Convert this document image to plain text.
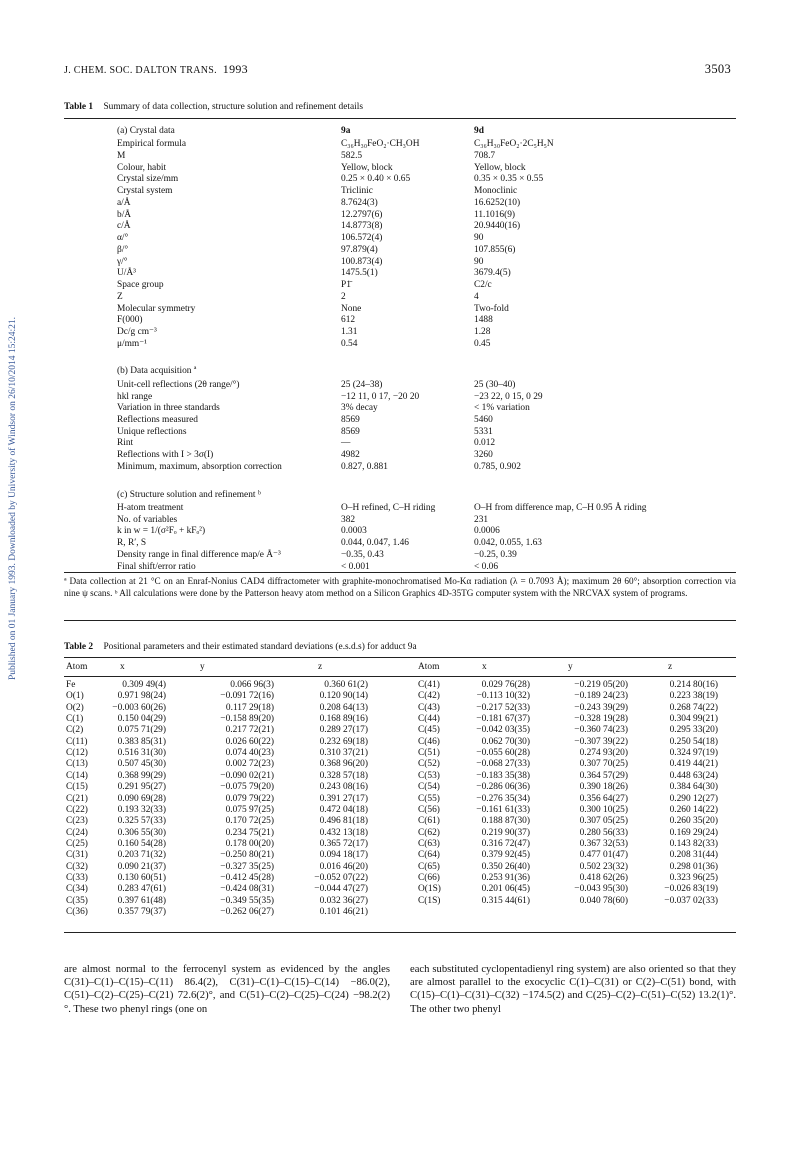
J. CHEM. SOC. DALTON TRANS. 1993	3503
Published on 01 January 1993. Downloaded by University of Windsor on 26/10/2014 15:24:21.
Table 1 Summary of data collection, structure solution and refinement details
(a) Crystal data	9a	9d
Empirical formula	C₃₆H₃₀FeO₂·CH₃OH	C₃₆H₃₀FeO₂·2C₅H₅N
M	582.5	708.7
Colour, habit	Yellow, block	Yellow, block
Crystal size/mm	0.25 × 0.40 × 0.65	0.35 × 0.35 × 0.55
Crystal system	Triclinic	Monoclinic
a/Å	8.7624(3)	16.6252(10)
b/Å	12.2797(6)	11.1016(9)
c/Å	14.8773(8)	20.9440(16)
α/°	106.572(4)	90
β/°	97.879(4)	107.855(6)
γ/°	100.873(4)	90
U/Å³	1475.5(1)	3679.4(5)
Space group	P1̄	C2/c
Z	2	4
Molecular symmetry	None	Two-fold
F(000)	612	1488
Dc/g cm⁻³	1.31	1.28
μ/mm⁻¹	0.54	0.45
(b) Data acquisition ª
Unit-cell reflections (2θ range/°)	25 (24–38)	25 (30–40)
hkl range	−12 11, 0 17, −20 20	−23 22, 0 15, 0 29
Variation in three standards	3% decay	< 1% variation
Reflections measured	8569	5460
Unique reflections	8569	5331
Rint	—	0.012
Reflections with I > 3σ(I)	4982	3260
Minimum, maximum, absorption correction	0.827, 0.881	0.785, 0.902
(c) Structure solution and refinement ᵇ
H-atom treatment	O–H refined, C–H riding	O–H from difference map, C–H 0.95 Å riding
No. of variables	382	231
k in w = 1/(σ²Fₒ + kFₒ²)	0.0003	0.0006
R, R′, S	0.044, 0.047, 1.46	0.042, 0.055, 1.63
Density range in final difference map/e Å⁻³	−0.35, 0.43	−0.25, 0.39
Final shift/error ratio	< 0.001	< 0.06
ª Data collection at 21 °C on an Enraf-Nonius CAD4 diffractometer with graphite-monochromatised Mo-Kα radiation (λ = 0.7093 Å); maximum 2θ 60°; absorption correction via nine ψ scans. ᵇ All calculations were done by the Patterson heavy atom method on a Silicon Graphics 4D-35TG computer system with the NRCVAX system of programs.
Table 2 Positional parameters and their estimated standard deviations (e.s.d.s) for adduct 9a
Atom	x	y	z	Atom	x	y	z
Fe	0.309 49(4)	0.066 96(3)	0.360 61(2)
O(1)	0.971 98(24)	−0.091 72(16)	0.120 90(14)
O(2)	−0.003 60(26)	0.117 29(18)	0.208 64(13)
C(1)	0.150 04(29)	−0.158 89(20)	0.168 89(16)
C(2)	0.075 71(29)	0.217 72(21)	0.289 27(17)
C(11)	0.383 85(31)	0.026 60(22)	0.232 69(18)
C(12)	0.516 31(30)	0.074 40(23)	0.310 37(21)
C(13)	0.507 45(30)	0.002 72(23)	0.368 96(20)
C(14)	0.368 99(29)	−0.090 02(21)	0.328 57(18)
C(15)	0.291 95(27)	−0.075 79(20)	0.243 08(16)
C(21)	0.090 69(28)	0.079 79(22)	0.391 27(17)
C(22)	0.193 32(33)	0.075 97(25)	0.472 04(18)
C(23)	0.325 57(33)	0.170 72(25)	0.496 81(18)
C(24)	0.306 55(30)	0.234 75(21)	0.432 13(18)
C(25)	0.160 54(28)	0.178 00(20)	0.365 72(17)
C(31)	0.203 71(32)	−0.250 80(21)	0.094 18(17)
C(32)	0.090 21(37)	−0.327 35(25)	0.016 46(20)
C(33)	0.130 60(51)	−0.412 45(28)	−0.052 07(22)
C(34)	0.283 47(61)	−0.424 08(31)	−0.044 47(27)
C(35)	0.397 61(48)	−0.349 55(35)	0.032 36(27)
C(36)	0.357 79(37)	−0.262 06(27)	0.101 46(21)
C(41)	0.029 76(28)	−0.219 05(20)	0.214 80(16)
C(42)	−0.113 10(32)	−0.189 24(23)	0.223 38(19)
C(43)	−0.217 52(33)	−0.243 39(29)	0.268 74(22)
C(44)	−0.181 67(37)	−0.328 19(28)	0.304 99(21)
C(45)	−0.042 03(35)	−0.360 74(23)	0.295 33(20)
C(46)	0.062 70(30)	−0.307 39(22)	0.250 54(18)
C(51)	−0.055 60(28)	0.274 93(20)	0.324 97(19)
C(52)	−0.068 27(33)	0.307 70(25)	0.419 44(21)
C(53)	−0.183 35(38)	0.364 57(29)	0.448 63(24)
C(54)	−0.286 06(36)	0.390 18(26)	0.384 64(30)
C(55)	−0.276 35(34)	0.356 64(27)	0.290 12(27)
C(56)	−0.161 61(33)	0.300 10(25)	0.260 14(22)
C(61)	0.188 87(30)	0.307 05(25)	0.260 35(20)
C(62)	0.219 90(37)	0.280 56(33)	0.169 29(24)
C(63)	0.316 72(47)	0.367 32(53)	0.143 82(33)
C(64)	0.379 92(45)	0.477 01(47)	0.208 31(44)
C(65)	0.350 26(40)	0.502 23(32)	0.298 01(36)
C(66)	0.253 91(36)	0.418 62(26)	0.323 96(25)
O(1S)	0.201 06(45)	−0.043 95(30)	−0.026 83(19)
C(1S)	0.315 44(61)	0.040 78(60)	−0.037 02(33)
are almost normal to the ferrocenyl system as evidenced by the angles C(31)–C(1)–C(15)–C(11) 86.4(2), C(31)–C(1)–C(15)–C(14) −86.0(2), C(51)–C(2)–C(25)–C(21) 72.6(2)°, and C(51)–C(2)–C(25)–C(24) −98.2(2)°. These two phenyl rings (one on
each substituted cyclopentadienyl ring system) are also oriented so that they are almost parallel to the exocyclic C(1)–C(31) or C(2)–C(51) bond, with C(15)–C(1)–C(31)–C(32) −174.5(2) and C(25)–C(2)–C(51)–C(52) 13.2(1)°. The other two phenyl
